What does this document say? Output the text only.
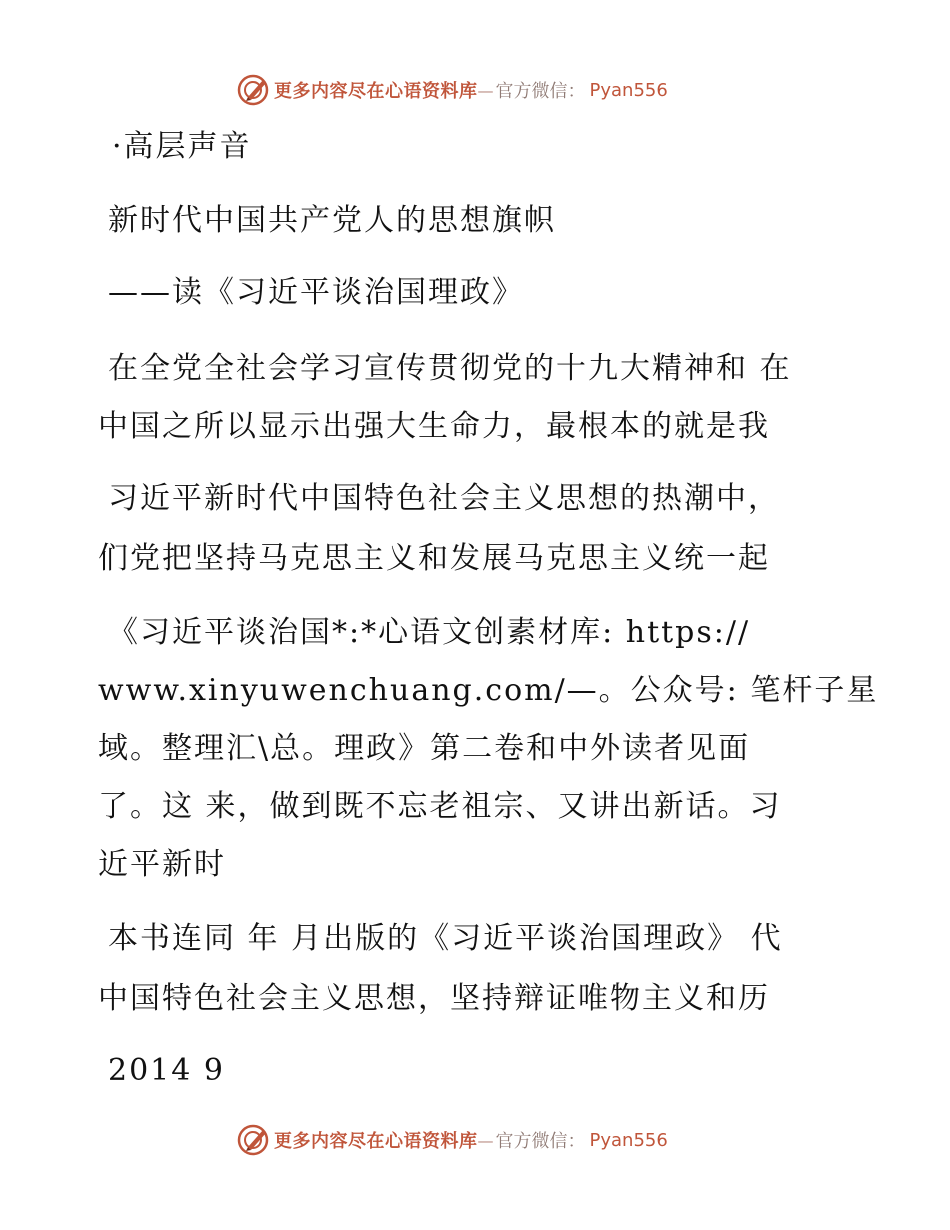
更多内容尽在心语资料库 — 官方微信： Pyan556
·高层声音
新时代中国共产党人的思想旗帜
——读《习近平谈治国理政》
在全党全社会学习宣传贯彻党的十九大精神和 在
中国之所以显示出强大生命力，最根本的就是我
习近平新时代中国特色社会主义思想的热潮中，
们党把坚持马克思主义和发展马克思主义统一起
《习近平谈治国*:*心语文创素材库: https://
www.xinyuwenchuang.com/—。公众号: 笔杆子星
域。整理汇\总。理政》第二卷和中外读者见面
了。这 来，做到既不忘老祖宗、又讲出新话。习
近平新时
本书连同 年 月出版的《习近平谈治国理政》 代
中国特色社会主义思想，坚持辩证唯物主义和历
2014 9
更多内容尽在心语资料库 — 官方微信： Pyan556
